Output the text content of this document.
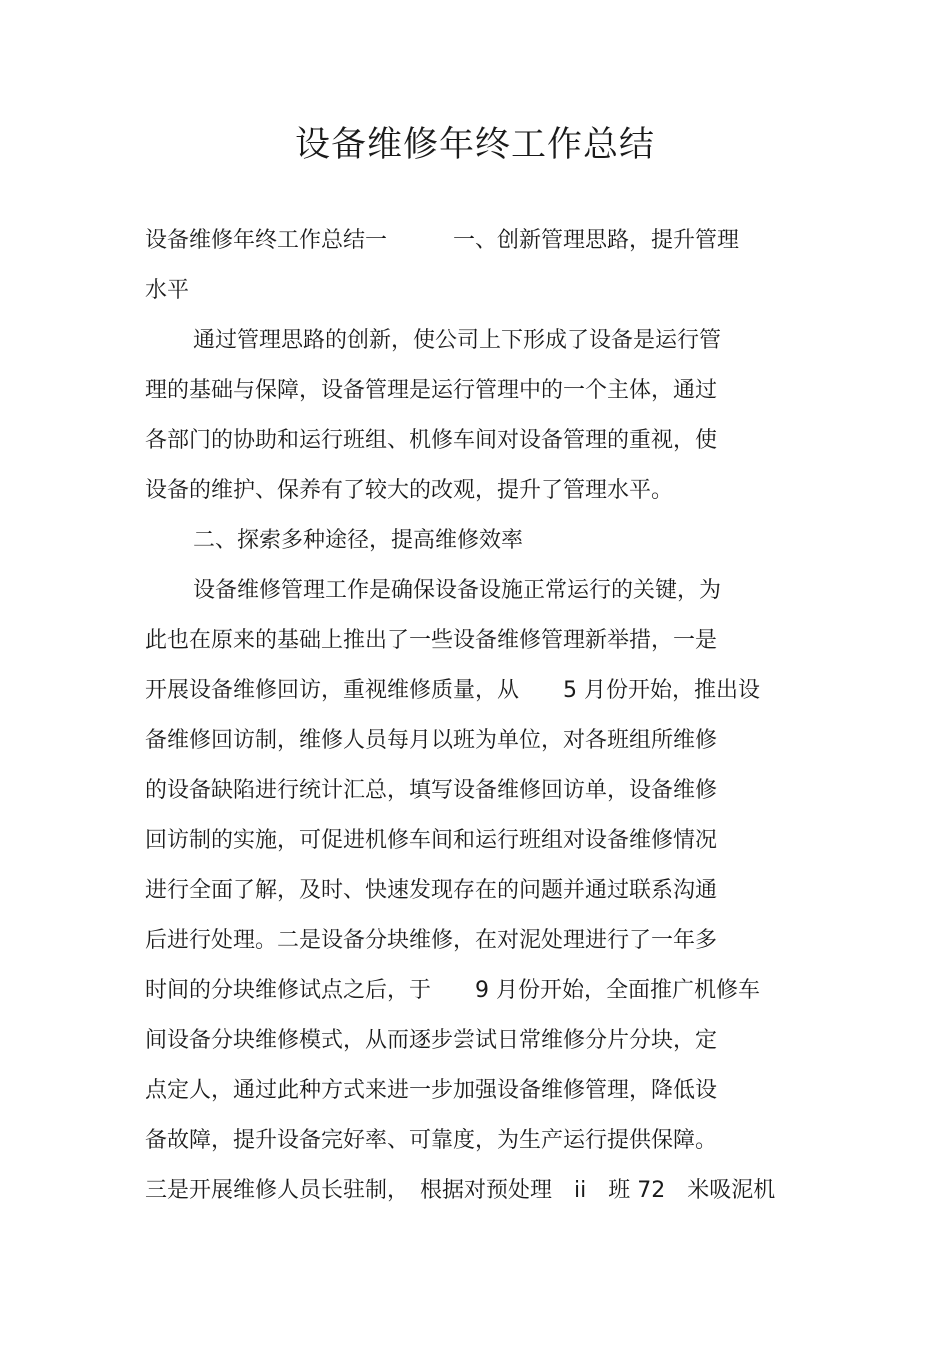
设备维修年终工作总结
设备维修年终工作总结一　　　一、创新管理思路，提升管理
水平
通过管理思路的创新，使公司上下形成了设备是运行管
理的基础与保障，设备管理是运行管理中的一个主体，通过
各部门的协助和运行班组、机修车间对设备管理的重视，使
设备的维护、保养有了较大的改观，提升了管理水平。
二、探索多种途径，提高维修效率
设备维修管理工作是确保设备设施正常运行的关键，为
此也在原来的基础上推出了一些设备维修管理新举措，一是
开展设备维修回访，重视维修质量，从　　5 月份开始，推出设
备维修回访制，维修人员每月以班为单位，对各班组所维修
的设备缺陷进行统计汇总，填写设备维修回访单，设备维修
回访制的实施，可促进机修车间和运行班组对设备维修情况
进行全面了解，及时、快速发现存在的问题并通过联系沟通
后进行处理。二是设备分块维修，在对泥处理进行了一年多
时间的分块维修试点之后，于　　9 月份开始，全面推广机修车
间设备分块维修模式，从而逐步尝试日常维修分片分块，定
点定人，通过此种方式来进一步加强设备维修管理，降低设
备故障，提升设备完好率、可靠度，为生产运行提供保障。
三是开展维修人员长驻制，　根据对预处理　ii　班 72　米吸泥机
